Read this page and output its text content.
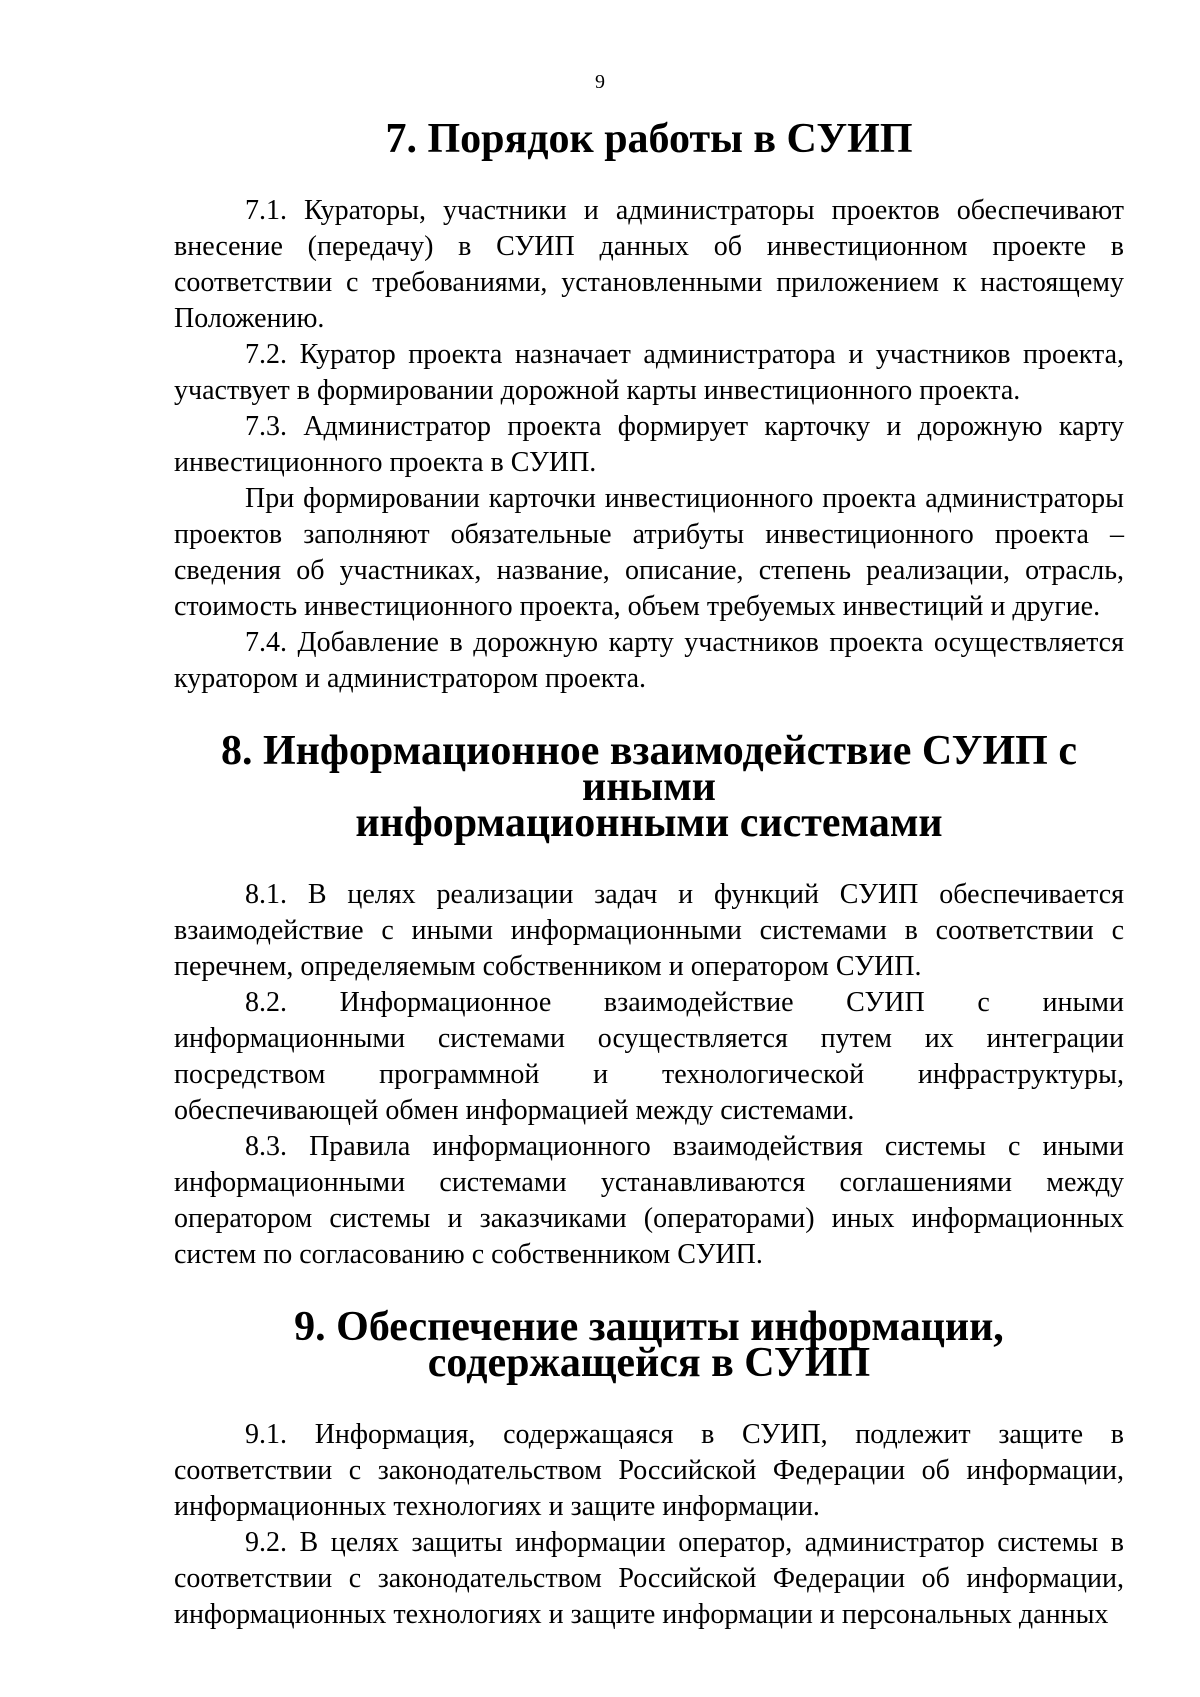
9
7. Порядок работы в СУИП

7.1. Кураторы, участники и администраторы проектов обеспечивают внесение (передачу) в СУИП данных об инвестиционном проекте в соответствии с требованиями, установленными приложением к настоящему Положению.

7.2. Куратор проекта назначает администратора и участников проекта, участвует в формировании дорожной карты инвестиционного проекта.

7.3. Администратор проекта формирует карточку и дорожную карту инвестиционного проекта в СУИП.

При формировании карточки инвестиционного проекта администраторы проектов заполняют обязательные атрибуты инвестиционного проекта – сведения об участниках, название, описание, степень реализации, отрасль, стоимость инвестиционного проекта, объем требуемых инвестиций и другие.

7.4. Добавление в дорожную карту участников проекта осуществляется куратором и администратором проекта.

8. Информационное взаимодействие СУИП с иными
информационными системами

8.1. В целях реализации задач и функций СУИП обеспечивается взаимодействие с иными информационными системами в соответствии с перечнем, определяемым собственником и оператором СУИП.

8.2. Информационное взаимодействие СУИП с иными информационными системами осуществляется путем их интеграции посредством программной и технологической инфраструктуры, обеспечивающей обмен информацией между системами.

8.3. Правила информационного взаимодействия системы с иными информационными системами устанавливаются соглашениями между оператором системы и заказчиками (операторами) иных информационных систем по согласованию с собственником СУИП.

9. Обеспечение защиты информации, содержащейся в СУИП

9.1. Информация, содержащаяся в СУИП, подлежит защите в соответствии с законодательством Российской Федерации об информации, информационных технологиях и защите информации.

9.2. В целях защиты информации оператор, администратор системы в соответствии с законодательством Российской Федерации об информации, информационных технологиях и защите информации и персональных данных
